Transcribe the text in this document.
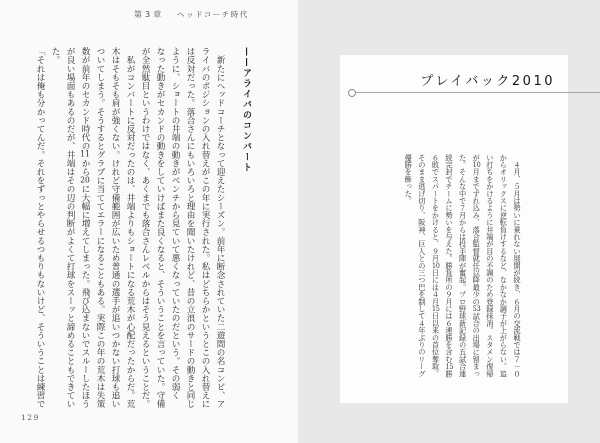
第3章 ヘッドコーチ時代
——アライバのコンバート
　新たにヘッドコーチとなって迎えたシーズン。前年に断念されていた二遊間の名コンビ、ア
ライバのポジションの入れ替えがこの年に実行された。私はどちらかというとこの入れ替えに
は反対だった。落合さんにもいろいろと理由を聞いたけれど、昔の立浪のサードの動きと同じ
ように、ショートの井端の動きがベンチから見ていて悪くなっていたのだという。その弱く
なった動きがセカンドの動きをしていけばまた良くなると、そういうことを言っていた。守備
が全然駄目というわけではなく、あくまでも落合さんレベルからはそう見えるということだ。
　私がコンバートに反対だったのは、井端よりもショートになる荒木が心配だったからだ。荒
木はそもそも肩が強くない。けれど守備範囲が広いため普通の選手が追いつかない打球も追い
ついてしまう。そうするとグラブに当ててエラーになることもある。実際この年の荒木は失策
数が前年のセカンド時代の11から20に大幅に増えてしまった。飛び込まないでスルーしたほう
が良い場面もあるのだが、井端はその辺の判断がよくて打球をスーッと諦めることもできてい
た。
「それは俺も分かってんだ。それをずっとやらせるつもりもないけど、そういうことは練習で
129
プレイバック2010
　４月、５月は勢いに乗れない展開が続き、６月の交流戦では７－０
からオリックスに逆転負けするなど、なかなか調子が上がらない。追
い打ちをかけるように井端が目の不調のため登録抹消。スタメン復帰
が10月までずれ込み、落合監督就任以降最少の53試合の出場に留まっ
た。そんな中で７月からは投手陣が奮起。プロ野球新記録の五試合連
続完封でチームに勢いを与えた。勝負所の９月には６連勝を含む15勝
６敗でスパートをかけると、９月10日には４月15日以来の首位奪取。
そのまま逃げ切り、阪神、巨人との三つ巴を制して４年ぶりのリーグ
優勝を飾った。
